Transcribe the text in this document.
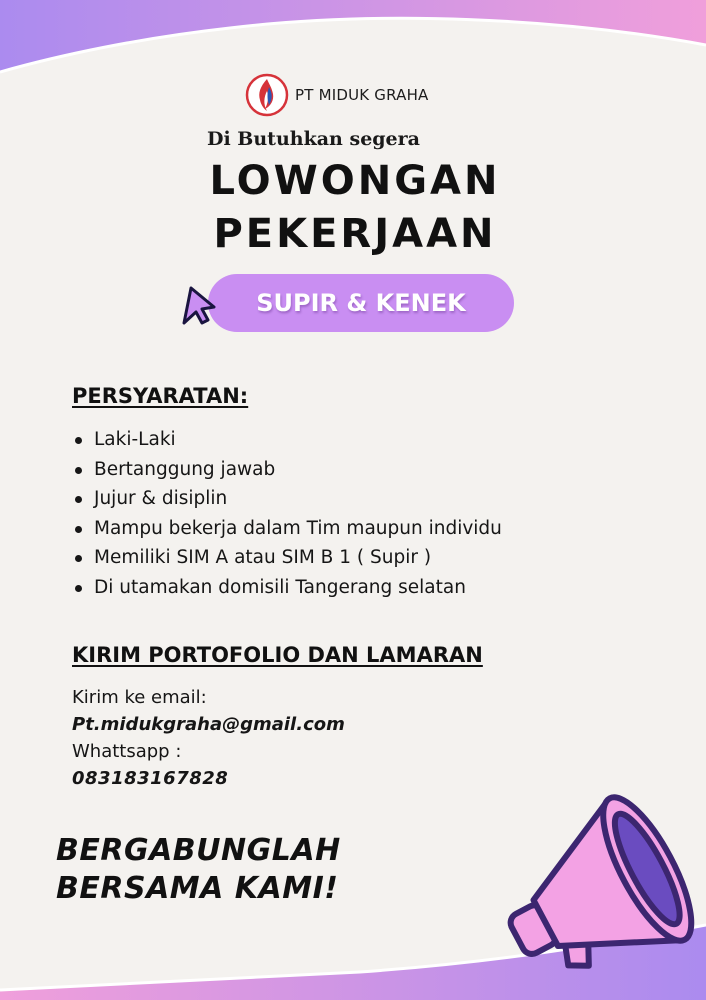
PT MIDUK GRAHA
Di Butuhkan segera
LOWONGAN
PEKERJAAN
SUPIR & KENEK
PERSYARATAN:
Laki-Laki
Bertanggung jawab
Jujur & disiplin
Mampu bekerja dalam Tim maupun individu
Memiliki SIM A atau SIM B 1 ( Supir )
Di utamakan domisili Tangerang selatan
KIRIM PORTOFOLIO DAN LAMARAN
Kirim ke email:
Pt.midukgraha@gmail.com
Whattsapp :
083183167828
BERGABUNGLAH
BERSAMA KAMI!
